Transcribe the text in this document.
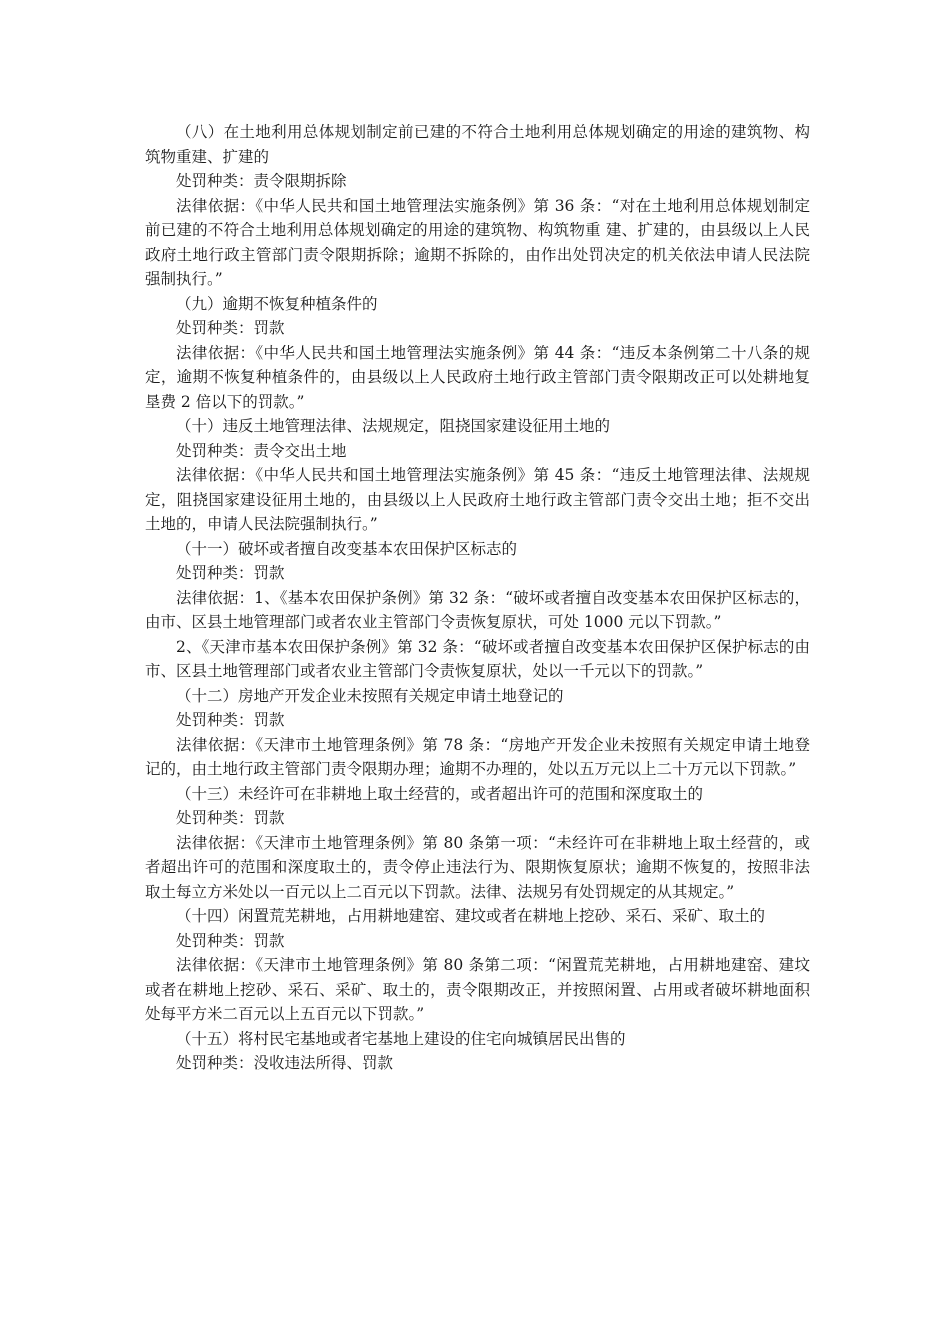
（八）在土地利用总体规划制定前已建的不符合土地利用总体规划确定的用途的建筑物、构筑物重建、扩建的

处罚种类：责令限期拆除

法律依据：《中华人民共和国土地管理法实施条例》第 36 条：“对在土地利用总体规划制定前已建的不符合土地利用总体规划确定的用途的建筑物、构筑物重 建、扩建的，由县级以上人民政府土地行政主管部门责令限期拆除；逾期不拆除的，由作出处罚决定的机关依法申请人民法院强制执行。”

（九）逾期不恢复种植条件的

处罚种类：罚款

法律依据：《中华人民共和国土地管理法实施条例》第 44 条：“违反本条例第二十八条的规定，逾期不恢复种植条件的，由县级以上人民政府土地行政主管部门责令限期改正可以处耕地复垦费 2 倍以下的罚款。”

（十）违反土地管理法律、法规规定，阻挠国家建设征用土地的

处罚种类：责令交出土地

法律依据：《中华人民共和国土地管理法实施条例》第 45 条：“违反土地管理法律、法规规定，阻挠国家建设征用土地的，由县级以上人民政府土地行政主管部门责令交出土地；拒不交出土地的，申请人民法院强制执行。”

（十一）破坏或者擅自改变基本农田保护区标志的

处罚种类：罚款

法律依据：1、《基本农田保护条例》第 32 条：“破坏或者擅自改变基本农田保护区标志的，由市、区县土地管理部门或者农业主管部门令责恢复原状，可处 1000 元以下罚款。”

2、《天津市基本农田保护条例》第 32 条：“破坏或者擅自改变基本农田保护区保护标志的由市、区县土地管理部门或者农业主管部门令责恢复原状，处以一千元以下的罚款。”

（十二）房地产开发企业未按照有关规定申请土地登记的

处罚种类：罚款

法律依据：《天津市土地管理条例》第 78 条：“房地产开发企业未按照有关规定申请土地登记的，由土地行政主管部门责令限期办理；逾期不办理的，处以五万元以上二十万元以下罚款。”

（十三）未经许可在非耕地上取土经营的，或者超出许可的范围和深度取土的

处罚种类：罚款

法律依据：《天津市土地管理条例》第 80 条第一项：“未经许可在非耕地上取土经营的，或者超出许可的范围和深度取土的，责令停止违法行为、限期恢复原状；逾期不恢复的，按照非法取土每立方米处以一百元以上二百元以下罚款。法律、法规另有处罚规定的从其规定。”

（十四）闲置荒芜耕地，占用耕地建窑、建坟或者在耕地上挖砂、采石、采矿、取土的

处罚种类：罚款

法律依据：《天津市土地管理条例》第 80 条第二项：“闲置荒芜耕地，占用耕地建窑、建坟或者在耕地上挖砂、采石、采矿、取土的，责令限期改正，并按照闲置、占用或者破坏耕地面积处每平方米二百元以上五百元以下罚款。”

（十五）将村民宅基地或者宅基地上建设的住宅向城镇居民出售的

处罚种类：没收违法所得、罚款
